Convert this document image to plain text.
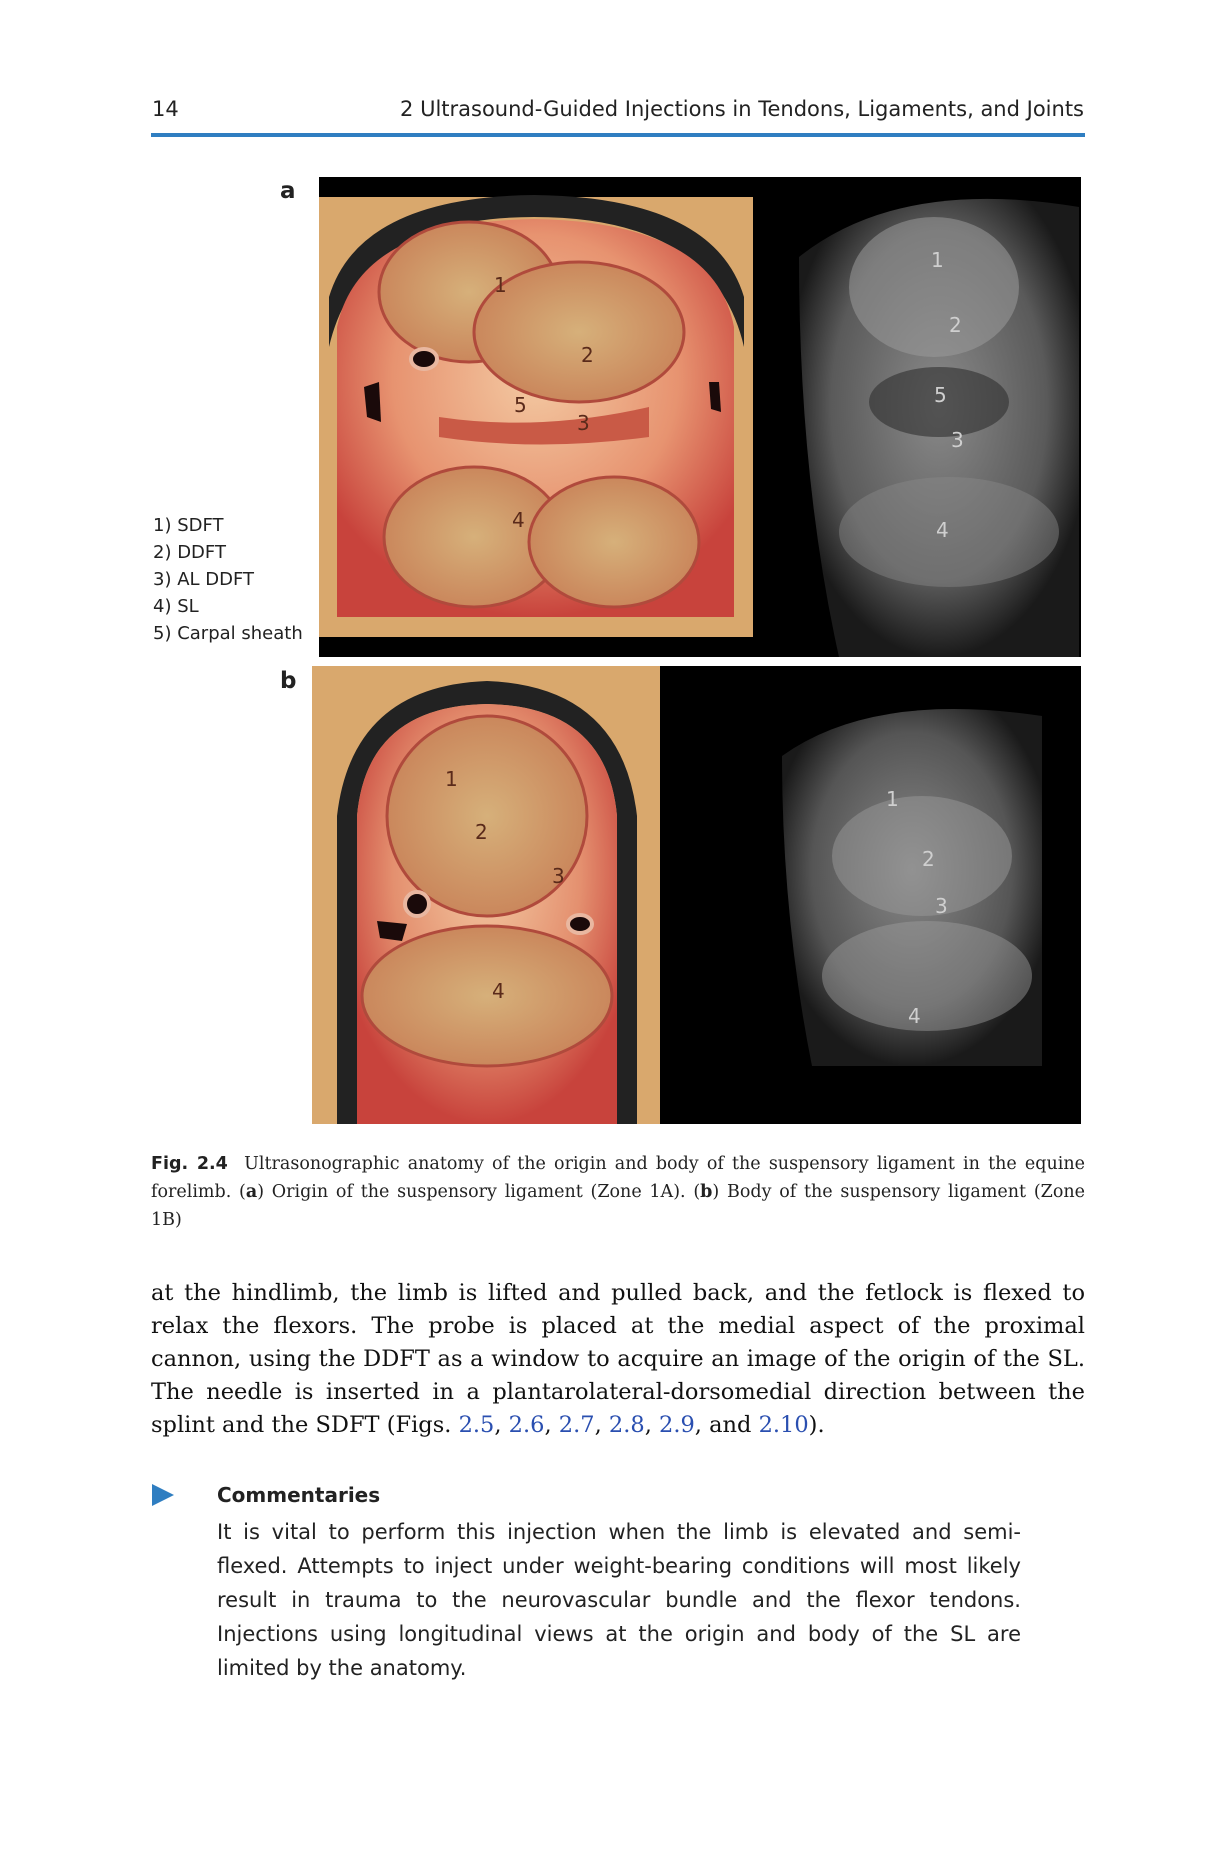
14	2 Ultrasound-Guided Injections in Tendons, Ligaments, and Joints
a
1) SDFT
2) DDFT
3) AL DDFT
4) SL
5) Carpal sheath
1
2
3
4
5
1
2
5
3
4
b
1
2
3
4
1
2
3
4
Fig. 2.4 Ultrasonographic anatomy of the origin and body of the suspensory ligament in the equine forelimb. (a) Origin of the suspensory ligament (Zone 1A). (b) Body of the suspensory ligament (Zone 1B)
at the hindlimb, the limb is lifted and pulled back, and the fetlock is flexed to relax the flexors. The probe is placed at the medial aspect of the proximal cannon, using the DDFT as a window to acquire an image of the origin of the SL. The needle is inserted in a plantarolateral-dorsomedial direction between the splint and the SDFT (Figs. 2.5, 2.6, 2.7, 2.8, 2.9, and 2.10).
Commentaries
It is vital to perform this injection when the limb is elevated and semi-flexed. Attempts to inject under weight-bearing conditions will most likely result in trauma to the neurovascular bundle and the flexor tendons. Injections using longitudinal views at the origin and body of the SL are limited by the anatomy.
